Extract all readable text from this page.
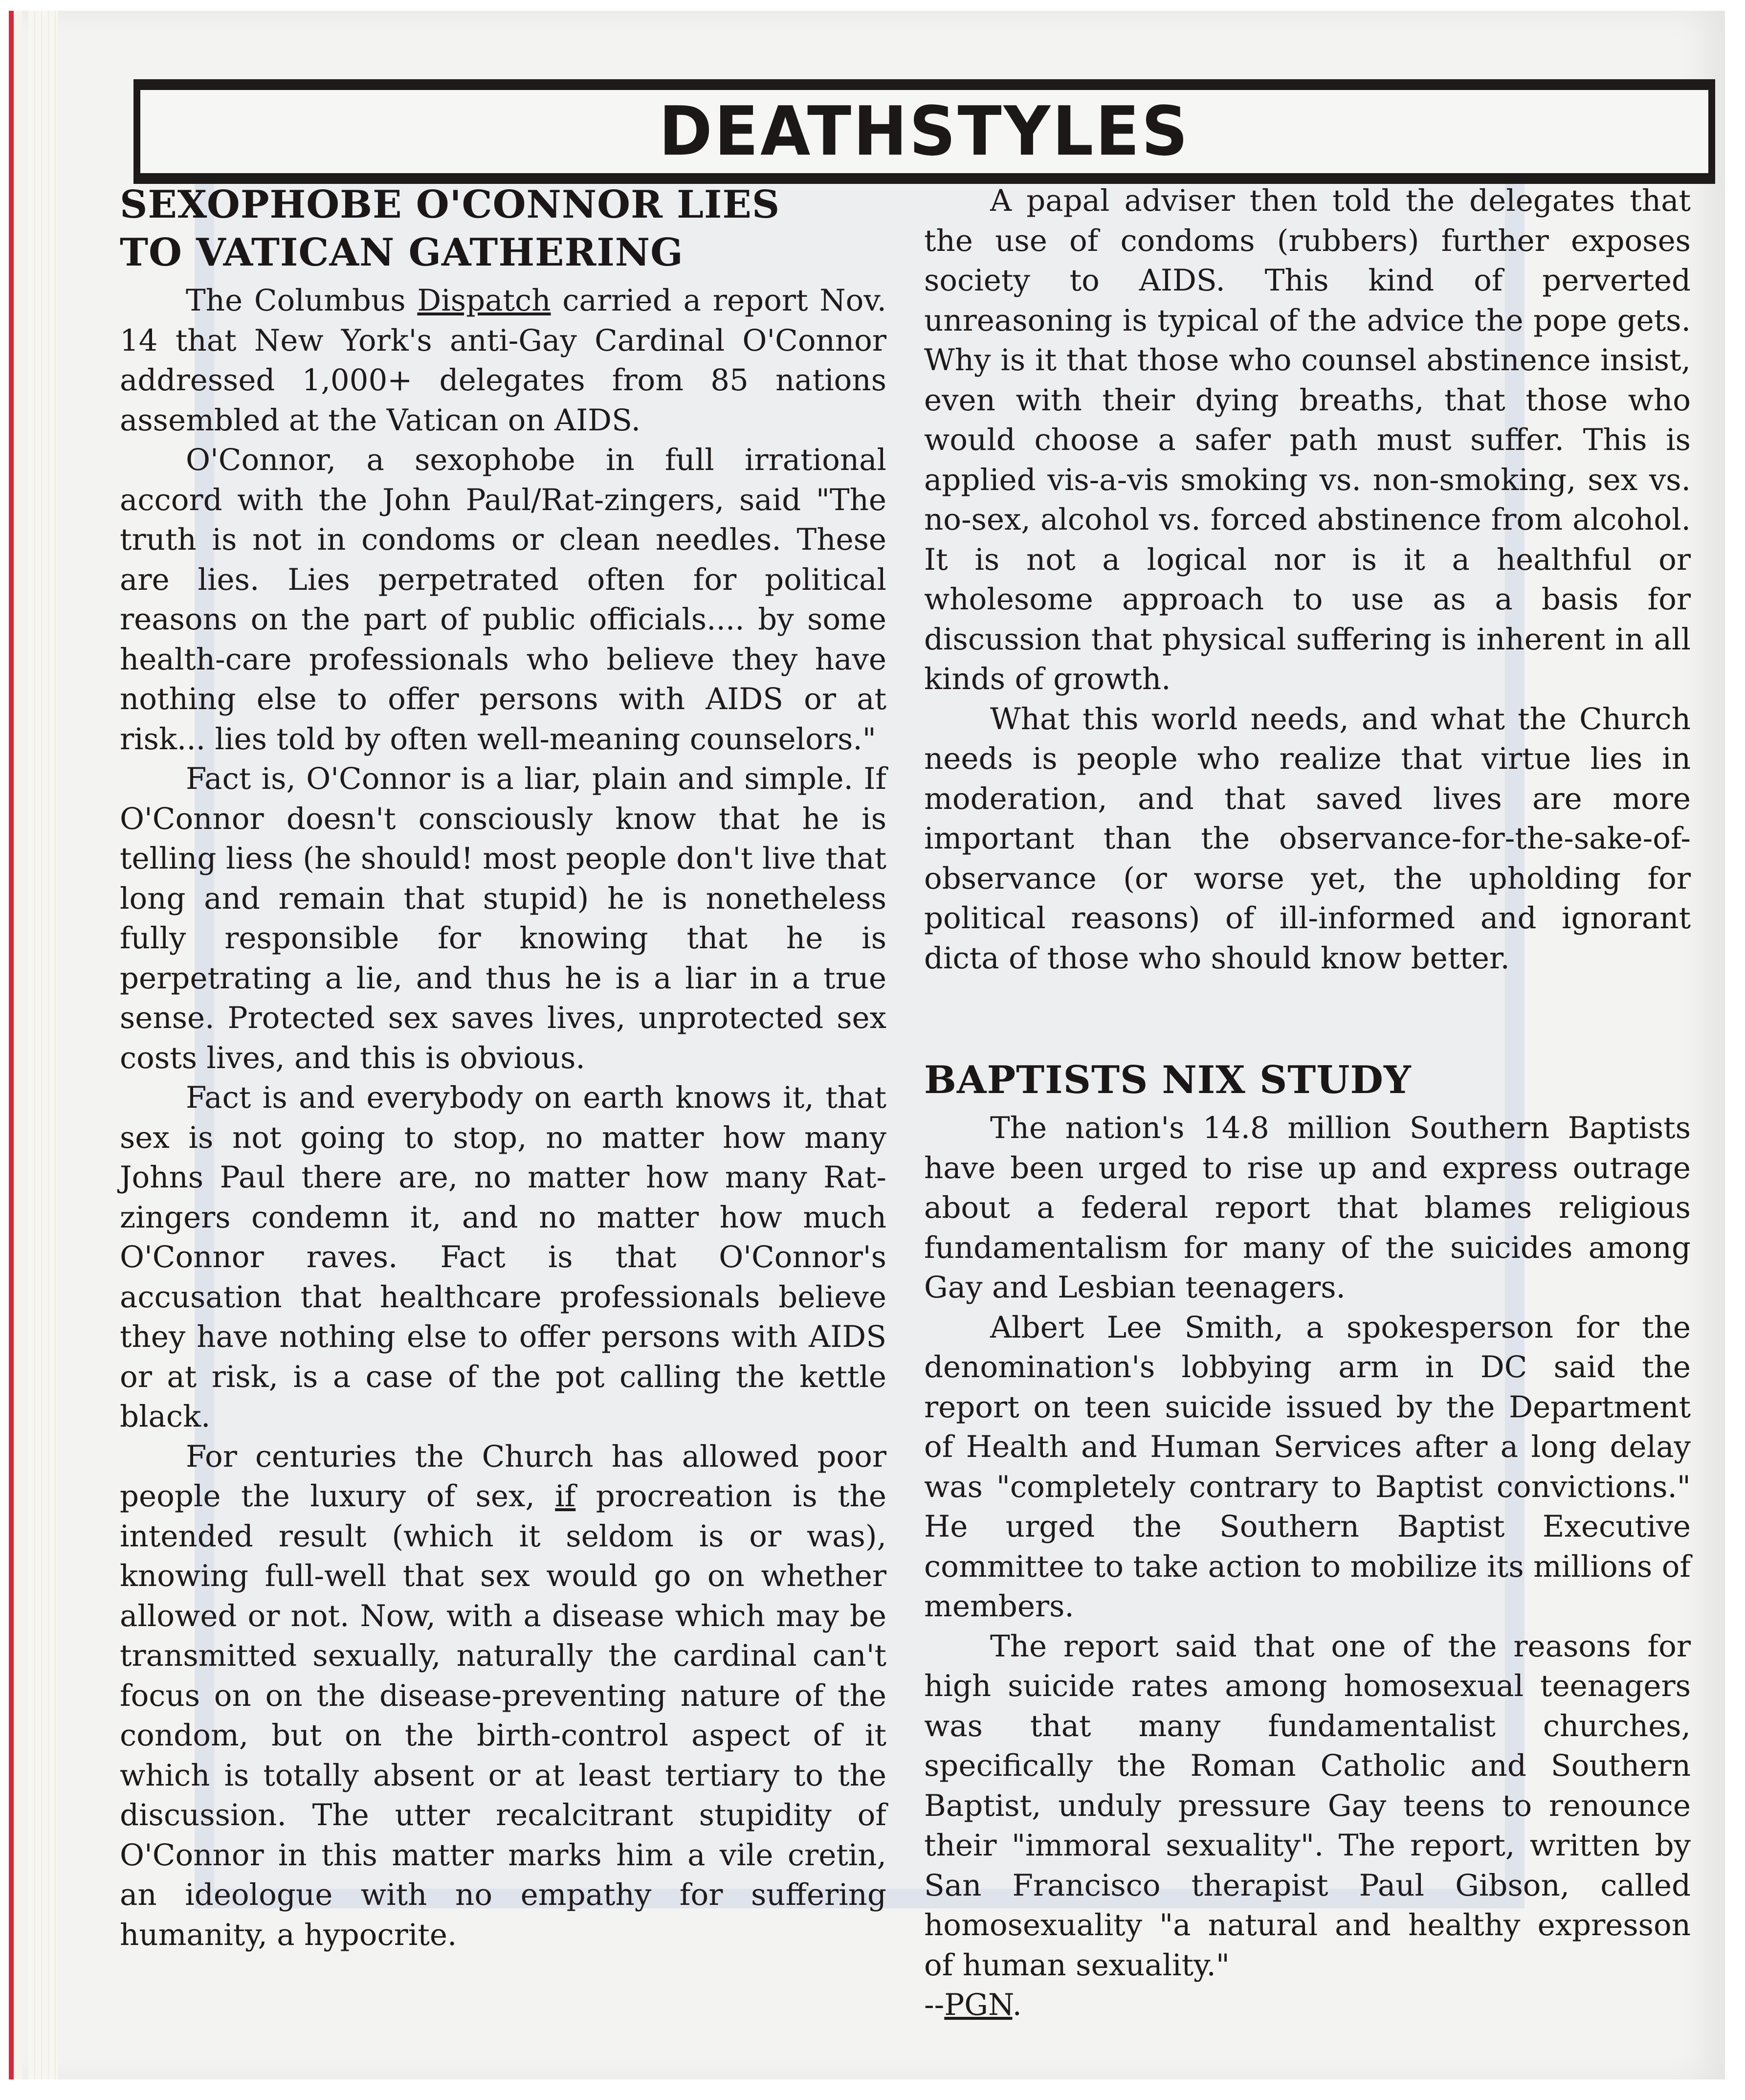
DEATHSTYLES
SEXOPHOBE O'CONNOR LIES
TO VATICAN GATHERING

The Columbus Dispatch carried a report Nov. 14 that New York's anti-Gay Cardinal O'Connor addressed 1,000+ delegates from 85 nations assembled at the Vatican on AIDS.

O'Connor, a sexophobe in full irrational accord with the John Paul/Rat-zingers, said "The truth is not in condoms or clean needles. These are lies. Lies perpetrated often for political reasons on the part of public officials.... by some health-care professionals who believe they have nothing else to offer persons with AIDS or at risk... lies told by often well-meaning counselors."

Fact is, O'Connor is a liar, plain and simple. If O'Connor doesn't consciously know that he is telling liess (he should! most people don't live that long and remain that stupid) he is nonetheless fully responsible for knowing that he is perpetrating a lie, and thus he is a liar in a true sense. Protected sex saves lives, unprotected sex costs lives, and this is obvious.

Fact is and everybody on earth knows it, that sex is not going to stop, no matter how many Johns Paul there are, no matter how many Rat-zingers condemn it, and no matter how much O'Connor raves. Fact is that O'Connor's accusation that healthcare professionals believe they have nothing else to offer persons with AIDS or at risk, is a case of the pot calling the kettle black.

For centuries the Church has allowed poor people the luxury of sex, if procreation is the intended result (which it seldom is or was), knowing full-well that sex would go on whether allowed or not. Now, with a disease which may be transmitted sexually, naturally the cardinal can't focus on on the disease-preventing nature of the condom, but on the birth-control aspect of it which is totally absent or at least tertiary to the discussion. The utter recalcitrant stupidity of O'Connor in this matter marks him a vile cretin, an ideologue with no empathy for suffering humanity, a hypocrite.

A papal adviser then told the delegates that the use of condoms (rubbers) further exposes society to AIDS. This kind of perverted unreasoning is typical of the advice the pope gets. Why is it that those who counsel abstinence insist, even with their dying breaths, that those who would choose a safer path must suffer. This is applied vis-a-vis smoking vs. non-smoking, sex vs. no-sex, alcohol vs. forced abstinence from alcohol. It is not a logical nor is it a healthful or wholesome approach to use as a basis for discussion that physical suffering is inherent in all kinds of growth.

What this world needs, and what the Church needs is people who realize that virtue lies in moderation, and that saved lives are more important than the observance-for-the-sake-of-observance (or worse yet, the upholding for political reasons) of ill-informed and ignorant dicta of those who should know better.

BAPTISTS NIX STUDY

The nation's 14.8 million Southern Baptists have been urged to rise up and express outrage about a federal report that blames religious fundamentalism for many of the suicides among Gay and Lesbian teenagers.

Albert Lee Smith, a spokesperson for the denomination's lobbying arm in DC said the report on teen suicide issued by the Department of Health and Human Services after a long delay was "completely contrary to Baptist convictions." He urged the Southern Baptist Executive committee to take action to mobilize its millions of members.

The report said that one of the reasons for high suicide rates among homosexual teenagers was that many fundamentalist churches, specifically the Roman Catholic and Southern Baptist, unduly pressure Gay teens to renounce their "immoral sexuality". The report, written by San Francisco therapist Paul Gibson, called homosexuality "a natural and healthy expresson of human sexuality."

--PGN.
